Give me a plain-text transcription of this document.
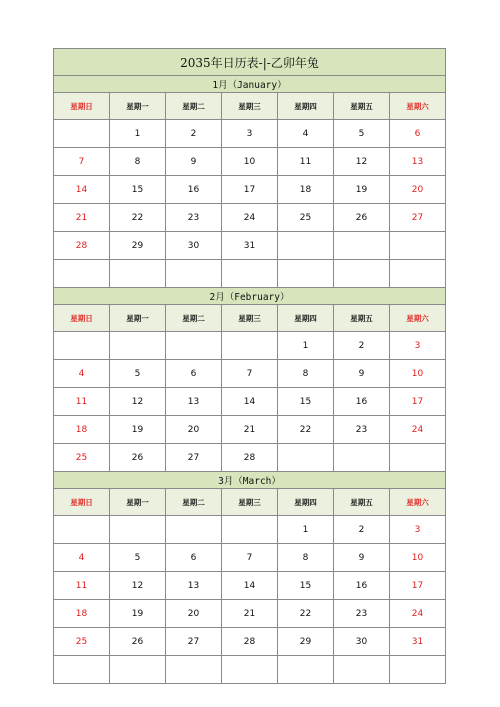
2035年日历表-|-乙卯年兔						
1月（January）						
星期日	星期一	星期二	星期三	星期四	星期五	星期六
	1	2	3	4	5	6
7	8	9	10	11	12	13
14	15	16	17	18	19	20
21	22	23	24	25	26	27
28	29	30	31			

2月（February）						
星期日	星期一	星期二	星期三	星期四	星期五	星期六
				1	2	3
4	5	6	7	8	9	10
11	12	13	14	15	16	17
18	19	20	21	22	23	24
25	26	27	28			
3月（March）						
星期日	星期一	星期二	星期三	星期四	星期五	星期六
				1	2	3
4	5	6	7	8	9	10
11	12	13	14	15	16	17
18	19	20	21	22	23	24
25	26	27	28	29	30	31
